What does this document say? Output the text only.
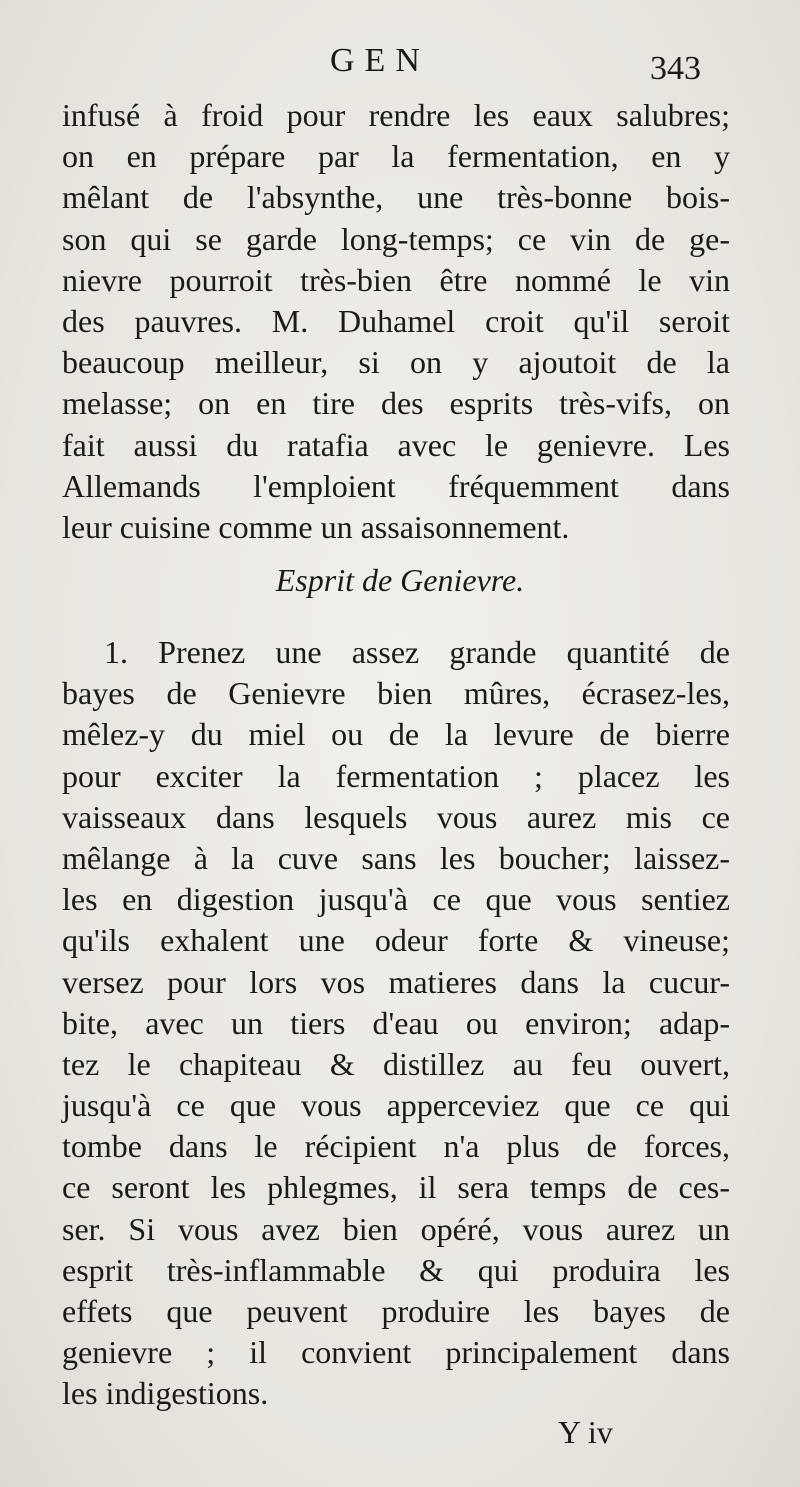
GEN	343
infusé à froid pour rendre les eaux salubres;
on en prépare par la fermentation, en y
mêlant de l'absynthe, une très-bonne bois-
son qui se garde long-temps; ce vin de ge-
nievre pourroit très-bien être nommé le vin
des pauvres. M. Duhamel croit qu'il seroit
beaucoup meilleur, si on y ajoutoit de la
melasse; on en tire des esprits très-vifs, on
fait aussi du ratafia avec le genievre. Les
Allemands l'emploient fréquemment dans
leur cuisine comme un assaisonnement.
Esprit de Genievre.
1. Prenez une assez grande quantité de
bayes de Genievre bien mûres, écrasez-les,
mêlez-y du miel ou de la levure de bierre
pour exciter la fermentation ; placez les
vaisseaux dans lesquels vous aurez mis ce
mêlange à la cuve sans les boucher; laissez-
les en digestion jusqu'à ce que vous sentiez
qu'ils exhalent une odeur forte & vineuse;
versez pour lors vos matieres dans la cucur-
bite, avec un tiers d'eau ou environ; adap-
tez le chapiteau & distillez au feu ouvert,
jusqu'à ce que vous apperceviez que ce qui
tombe dans le récipient n'a plus de forces,
ce seront les phlegmes, il sera temps de ces-
ser. Si vous avez bien opéré, vous aurez un
esprit très-inflammable & qui produira les
effets que peuvent produire les bayes de
genievre ; il convient principalement dans
les indigestions.
Y iv
